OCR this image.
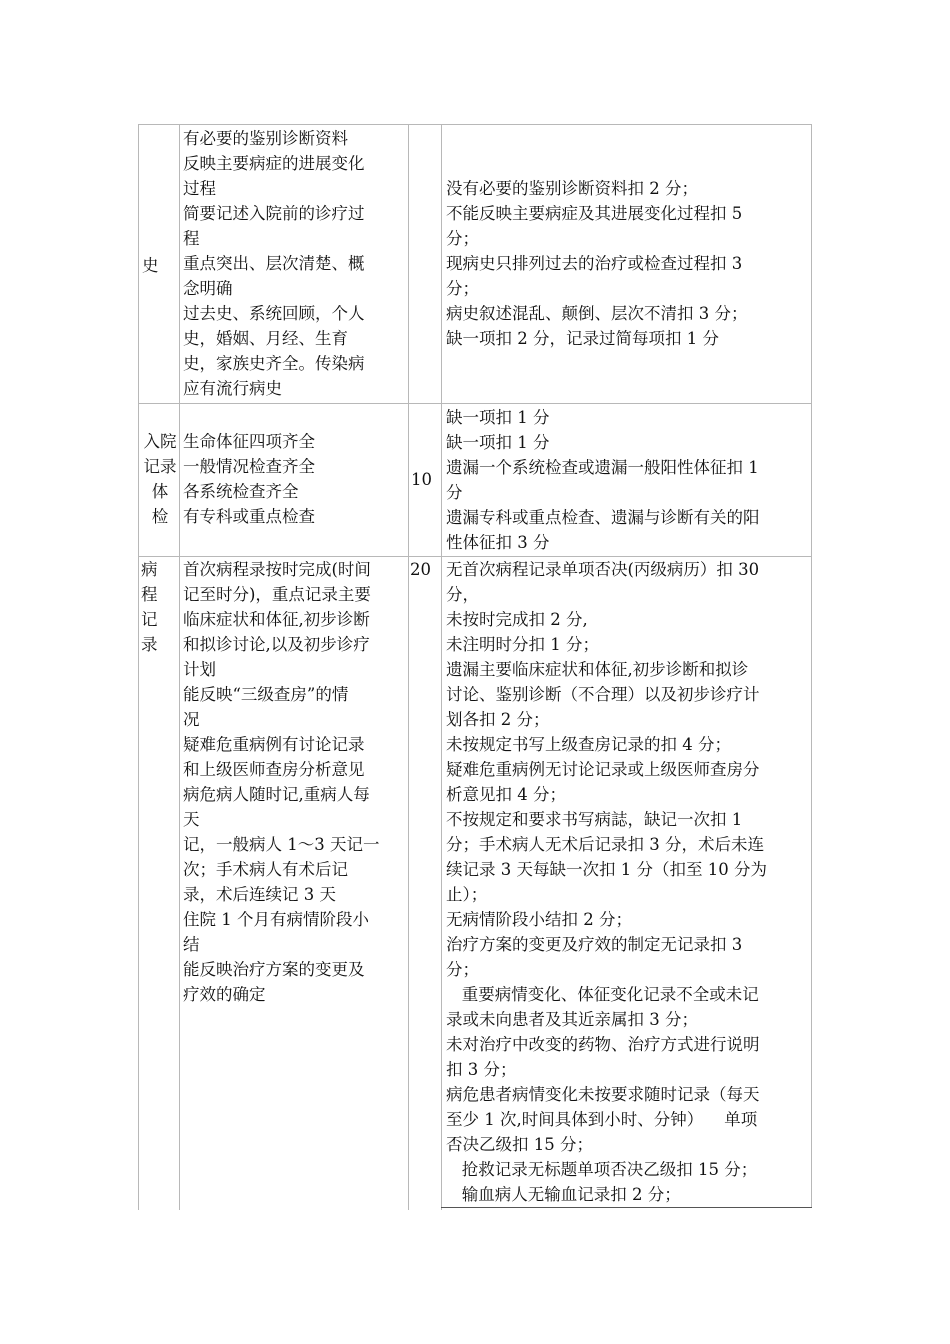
史
有必要的鉴别诊断资料
反映主要病症的进展变化
过程
简要记述入院前的诊疗过
程
重点突出、层次清楚、概
念明确
过去史、系统回顾，个人
史，婚姻、月经、生育
史，家族史齐全。传染病
应有流行病史
没有必要的鉴别诊断资料扣 2 分；
不能反映主要病症及其进展变化过程扣 5
分；
现病史只排列过去的治疗或检查过程扣 3
分；
病史叙述混乱、颠倒、层次不清扣 3 分；
缺一项扣 2 分，记录过简每项扣 1 分
入院
记录
体
检
生命体征四项齐全
一般情况检查齐全
各系统检查齐全
有专科或重点检查
10
缺一项扣 1 分
缺一项扣 1 分
遗漏一个系统检查或遗漏一般阳性体征扣 1
分
遗漏专科或重点检查、遗漏与诊断有关的阳
性体征扣 3 分
病
程
记
录
首次病程录按时完成(时间
记至时分)，重点记录主要
临床症状和体征,初步诊断
和拟诊讨论,以及初步诊疗
计划
能反映“三级查房”的情
况
疑难危重病例有讨论记录
和上级医师查房分析意见
病危病人随时记,重病人每
天
记，一般病人 1～3 天记一
次；手术病人有术后记
录，术后连续记 3 天
住院 1 个月有病情阶段小
结
能反映治疗方案的变更及
疗效的确定
20 无首次病程记录单项否决(丙级病历）扣 30
分，
未按时完成扣 2 分,
未注明时分扣 1 分；
遗漏主要临床症状和体征,初步诊断和拟诊
讨论、鉴别诊断（不合理）以及初步诊疗计
划各扣 2 分；
未按规定书写上级查房记录的扣 4 分；
疑难危重病例无讨论记录或上级医师查房分
析意见扣 4 分；
不按规定和要求书写病誌，缺记一次扣 1
分；手术病人无术后记录扣 3 分，术后未连
续记录 3 天每缺一次扣 1 分（扣至 10 分为
止）；
无病情阶段小结扣 2 分；
治疗方案的变更及疗效的制定无记录扣 3
分；
重要病情变化、体征变化记录不全或未记
录或未向患者及其近亲属扣 3 分；
未对治疗中改变的药物、治疗方式进行说明
扣 3 分；
病危患者病情变化未按要求随时记录（每天
至少 1 次,时间具体到小时、分钟）    单项
否决乙级扣 15 分；
抢救记录无标题单项否决乙级扣 15 分；
输血病人无输血记录扣 2 分；
